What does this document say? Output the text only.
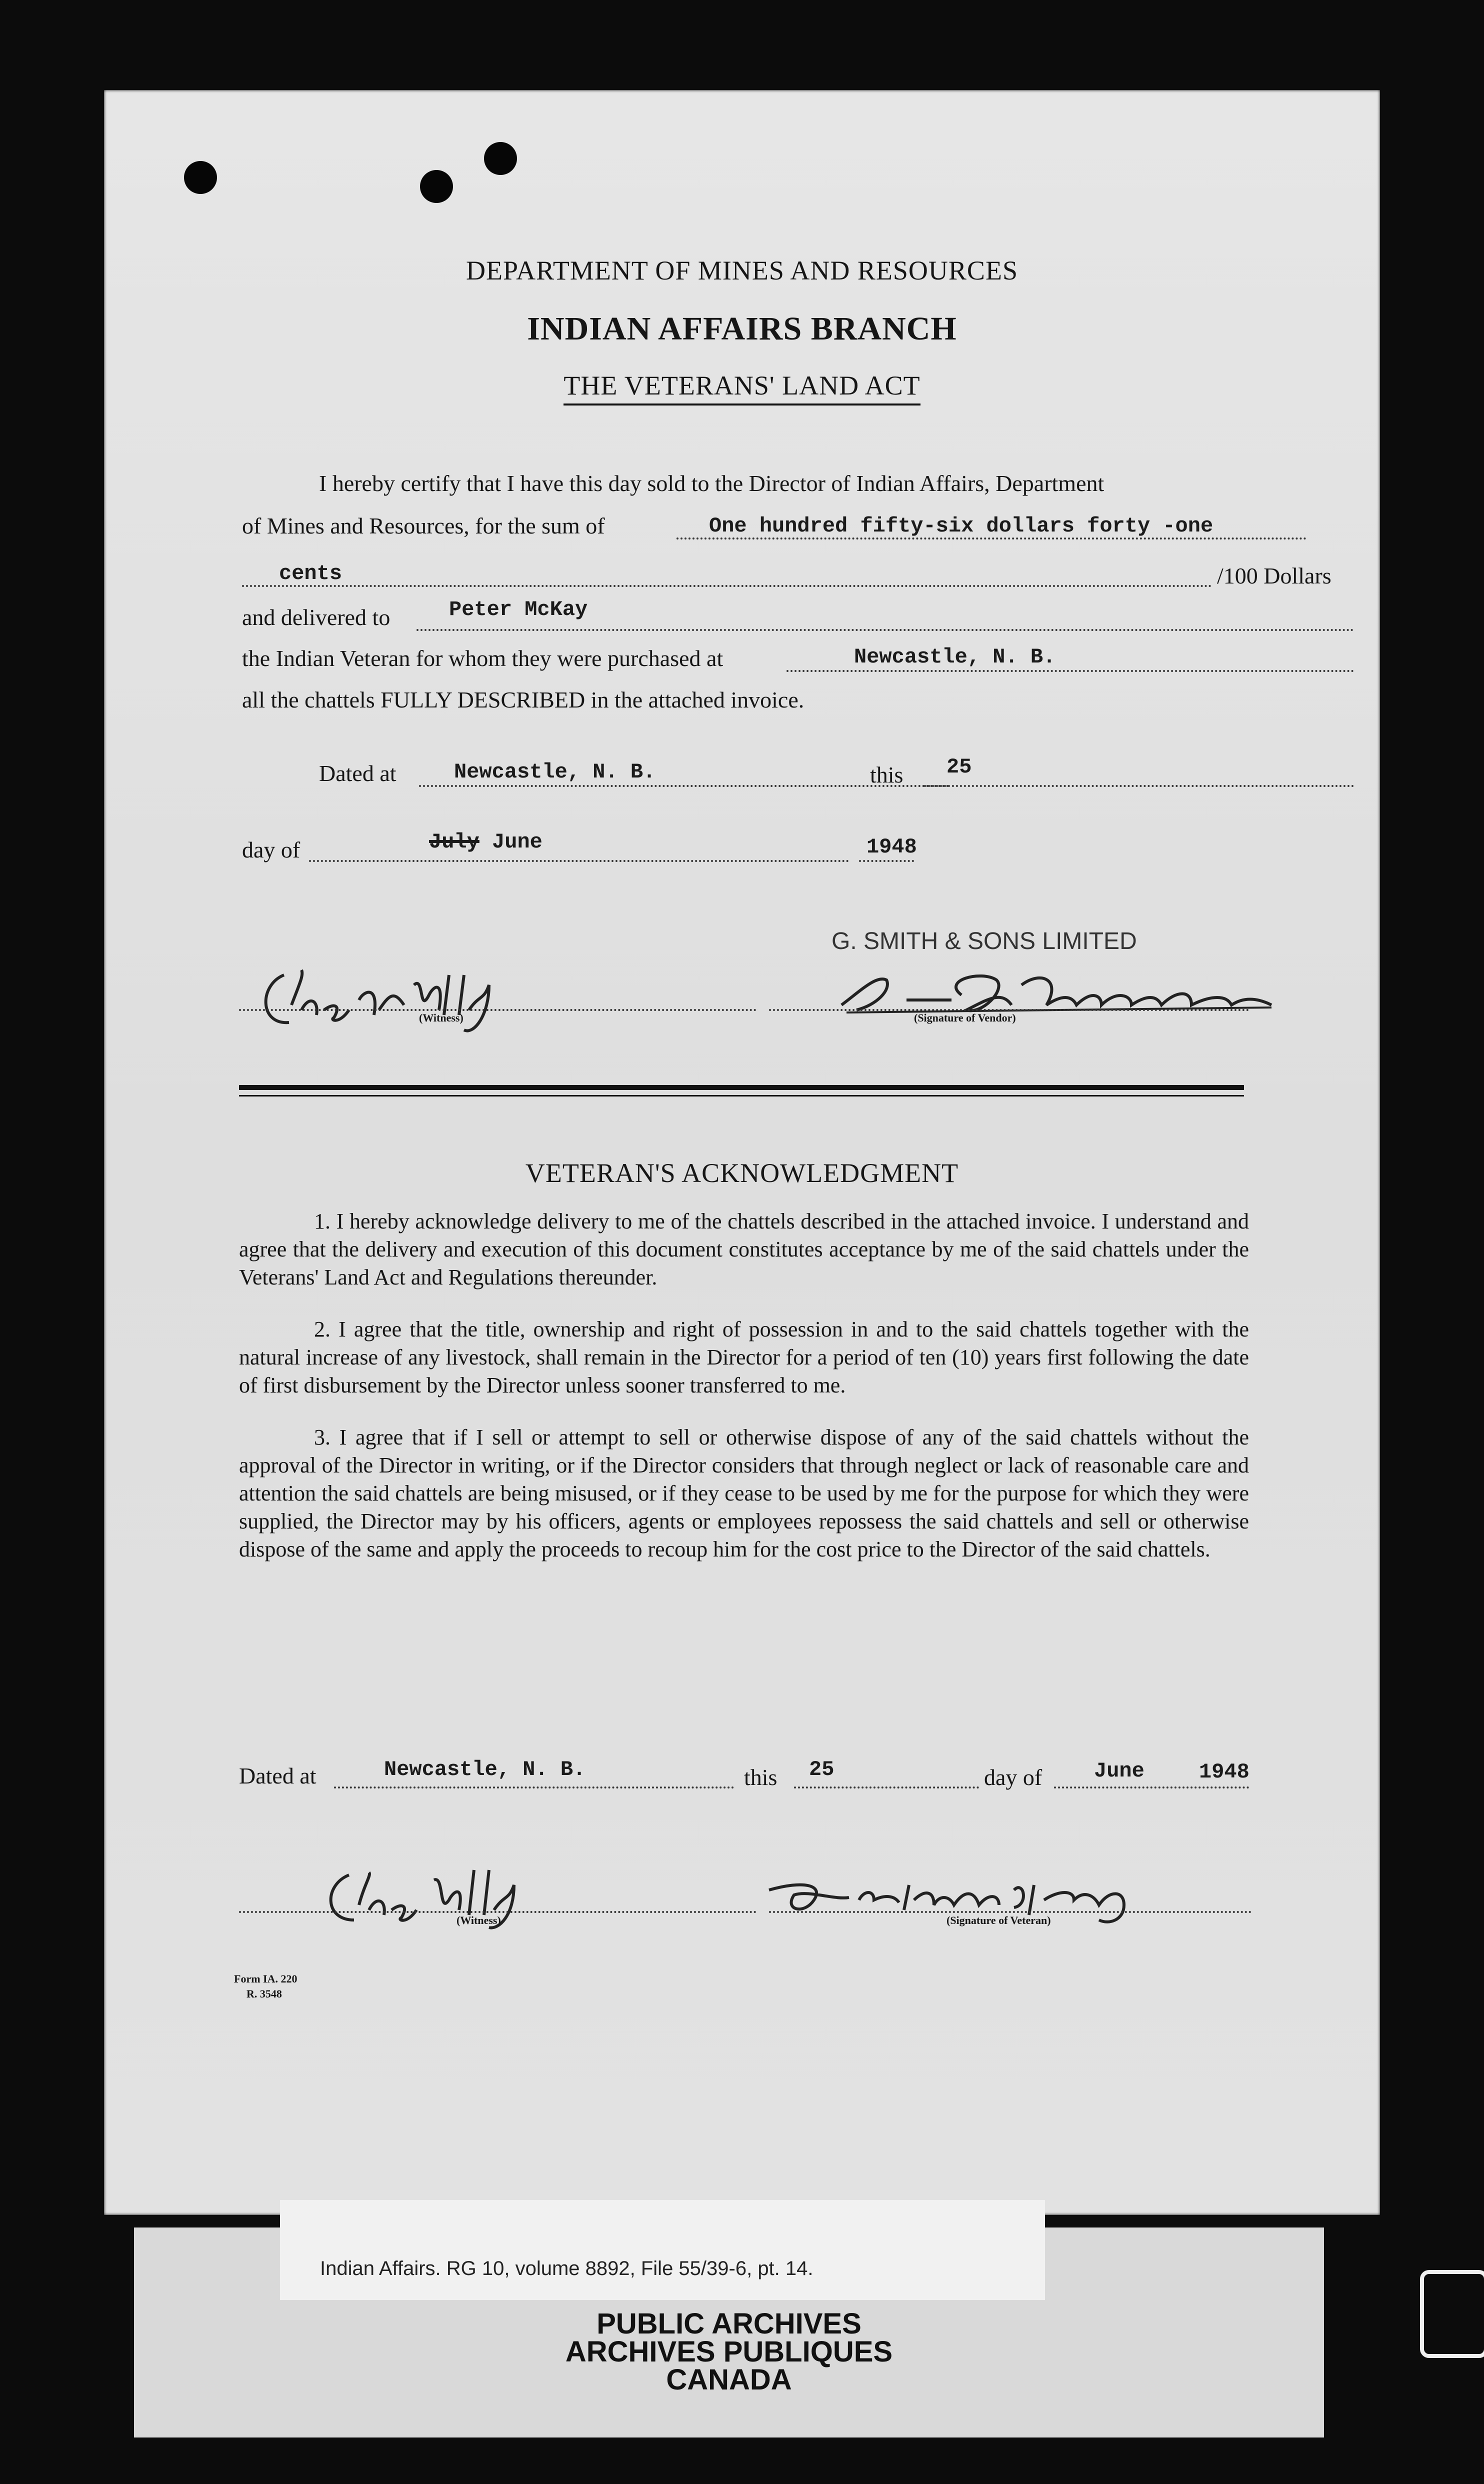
DEPARTMENT OF MINES AND RESOURCES
INDIAN AFFAIRS BRANCH
THE VETERANS' LAND ACT
I hereby certify that I have this day sold to the Director of Indian Affairs, Department
of Mines and Resources, for the sum of	One hundred fifty-six dollars forty -one
cents	/100 Dollars
and delivered to	Peter McKay
the Indian Veteran for whom they were purchased at	Newcastle, N. B.
all the chattels FULLY DESCRIBED in the attached invoice.
Dated at	Newcastle, N. B.	this 25
day of	July June	1948
G. SMITH & SONS LIMITED
(Witness)	(Signature of Vendor)
VETERAN'S ACKNOWLEDGMENT

1. I hereby acknowledge delivery to me of the chattels described in the attached invoice. I understand and agree that the delivery and execution of this document constitutes acceptance by me of the said chattels under the Veterans' Land Act and Regulations thereunder.

2. I agree that the title, ownership and right of possession in and to the said chattels together with the natural increase of any livestock, shall remain in the Director for a period of ten (10) years first following the date of first disbursement by the Director unless sooner transferred to me.

3. I agree that if I sell or attempt to sell or otherwise dispose of any of the said chattels without the approval of the Director in writing, or if the Director considers that through neglect or lack of reasonable care and attention the said chattels are being misused, or if they cease to be used by me for the purpose for which they were supplied, the Director may by his officers, agents or employees repossess the said chattels and sell or otherwise dispose of the same and apply the proceeds to recoup him for the cost price to the Director of the said chattels.

Dated at	Newcastle, N. B.	this 25	day of June	1948
(Witness)	(Signature of Veteran)
Form IA. 220
R. 3548
Indian Affairs. RG 10, volume 8892, File 55/39-6, pt. 14.
PUBLIC ARCHIVES
ARCHIVES PUBLIQUES
CANADA
